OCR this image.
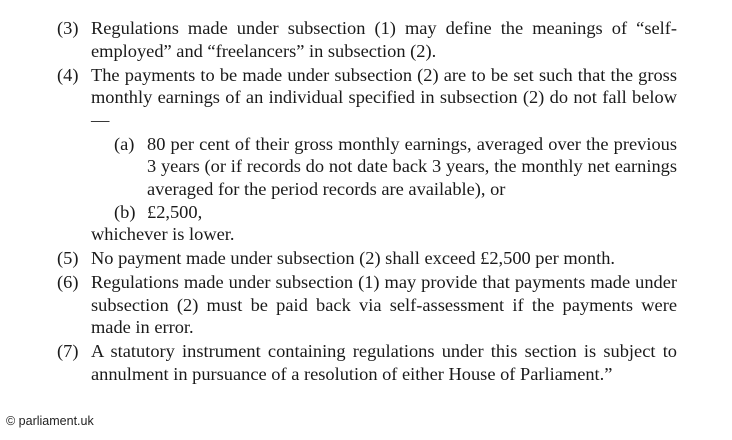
(3) Regulations made under subsection (1) may define the meanings of “self-employed” and “freelancers” in subsection (2).
(4) The payments to be made under subsection (2) are to be set such that the gross monthly earnings of an individual specified in subsection (2) do not fall below—
(a) 80 per cent of their gross monthly earnings, averaged over the previous 3 years (or if records do not date back 3 years, the monthly net earnings averaged for the period records are available), or
(b) £2,500,
whichever is lower.
(5) No payment made under subsection (2) shall exceed £2,500 per month.
(6) Regulations made under subsection (1) may provide that payments made under subsection (2) must be paid back via self-assessment if the payments were made in error.
(7) A statutory instrument containing regulations under this section is subject to annulment in pursuance of a resolution of either House of Parliament.”
© parliament.uk
